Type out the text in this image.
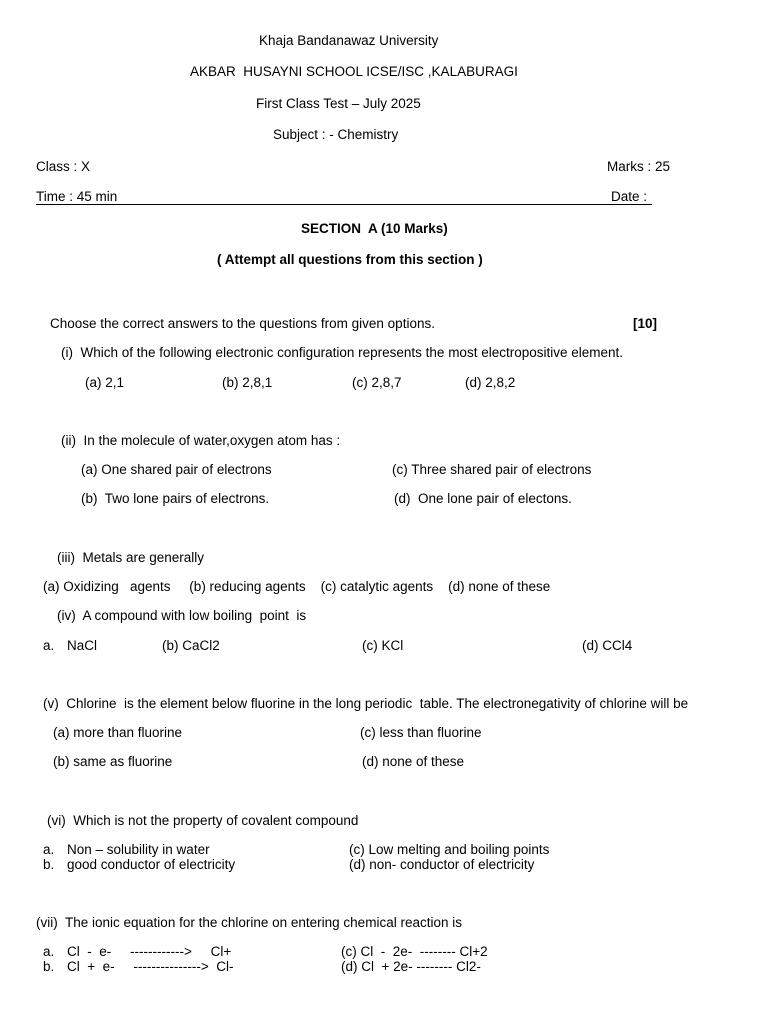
Khaja Bandanawaz University
AKBAR  HUSAYNI SCHOOL ICSE/ISC ,KALABURAGI
First Class Test – July 2025
Subject : - Chemistry
Class : X	Marks : 25
Time : 45 min	Date :
SECTION  A (10 Marks)
( Attempt all questions from this section )
Choose the correct answers to the questions from given options.	[10]
(i)  Which of the following electronic configuration represents the most electropositive element.
(a) 2,1	(b) 2,8,1	(c) 2,8,7	(d) 2,8,2
(ii)  In the molecule of water,oxygen atom has :
(a) One shared pair of electrons	(c) Three shared pair of electrons
(b)  Two lone pairs of electrons.	(d)  One lone pair of electons.
(iii)  Metals are generally
(a) Oxidizing   agents     (b) reducing agents    (c) catalytic agents    (d) none of these
(iv)  A compound with low boiling  point  is
a. NaCl	(b) CaCl2	(c) KCl	(d) CCl4
(v)  Chlorine  is the element below fluorine in the long periodic  table. The electronegativity of chlorine will be
(a) more than fluorine	(c) less than fluorine
(b) same as fluorine	(d) none of these
(vi)  Which is not the property of covalent compound
a. Non – solubility in water	(c) Low melting and boiling points
b. good conductor of electricity	(d) non- conductor of electricity
(vii)  The ionic equation for the chlorine on entering chemical reaction is
a. Cl  -  e-     ------------>     Cl+	(c) Cl  -  2e-  -------- Cl+2
b. Cl  +  e-     --------------->  Cl-	(d) Cl  + 2e- -------- Cl2-
